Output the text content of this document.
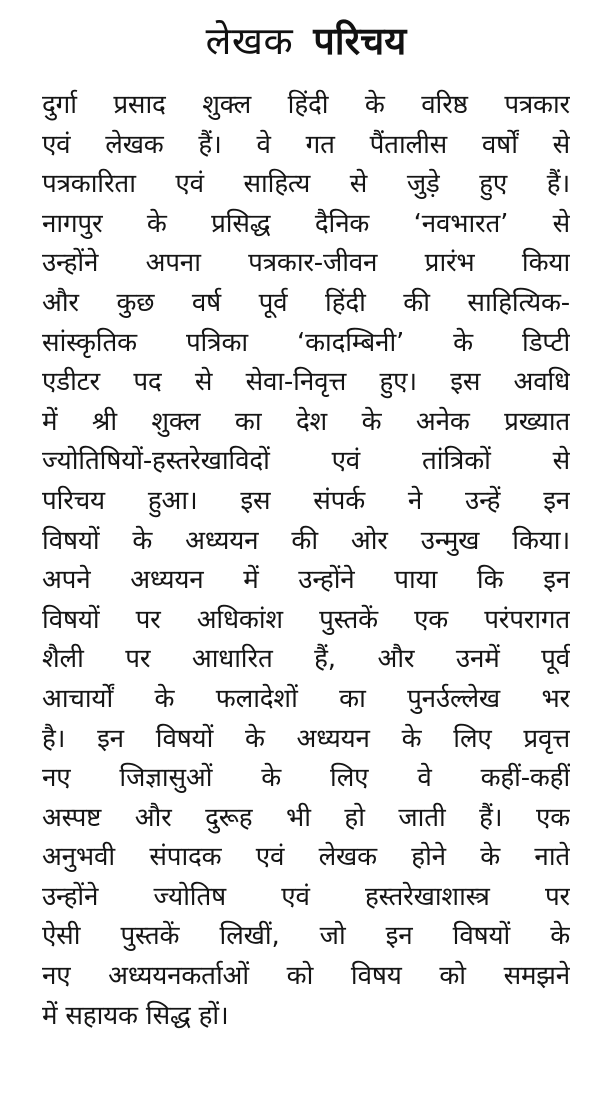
लेखक परिचय
दुर्गा प्रसाद शुक्ल हिंदी के वरिष्ठ पत्रकार
एवं लेखक हैं। वे गत पैंतालीस वर्षों से
पत्रकारिता एवं साहित्य से जुड़े हुए हैं।
नागपुर के प्रसिद्ध दैनिक ‘नवभारत’ से
उन्होंने अपना पत्रकार-जीवन प्रारंभ किया
और कुछ वर्ष पूर्व हिंदी की साहित्यिक-
सांस्कृतिक पत्रिका ‘कादम्बिनी’ के डिप्टी
एडीटर पद से सेवा-निवृत्त हुए। इस अवधि
में श्री शुक्ल का देश के अनेक प्रख्यात
ज्योतिषियों-हस्तरेखाविदों एवं तांत्रिकों से
परिचय हुआ। इस संपर्क ने उन्हें इन
विषयों के अध्ययन की ओर उन्मुख किया।
अपने अध्ययन में उन्होंने पाया कि इन
विषयों पर अधिकांश पुस्तकें एक परंपरागत
शैली पर आधारित हैं, और उनमें पूर्व
आचार्यों के फलादेशों का पुनर्उल्लेख भर
है। इन विषयों के अध्ययन के लिए प्रवृत्त
नए जिज्ञासुओं के लिए वे कहीं-कहीं
अस्पष्ट और दुरूह भी हो जाती हैं। एक
अनुभवी संपादक एवं लेखक होने के नाते
उन्होंने ज्योतिष एवं हस्तरेखाशास्त्र पर
ऐसी पुस्तकें लिखीं, जो इन विषयों के
नए अध्ययनकर्ताओं को विषय को समझने
में सहायक सिद्ध हों।
